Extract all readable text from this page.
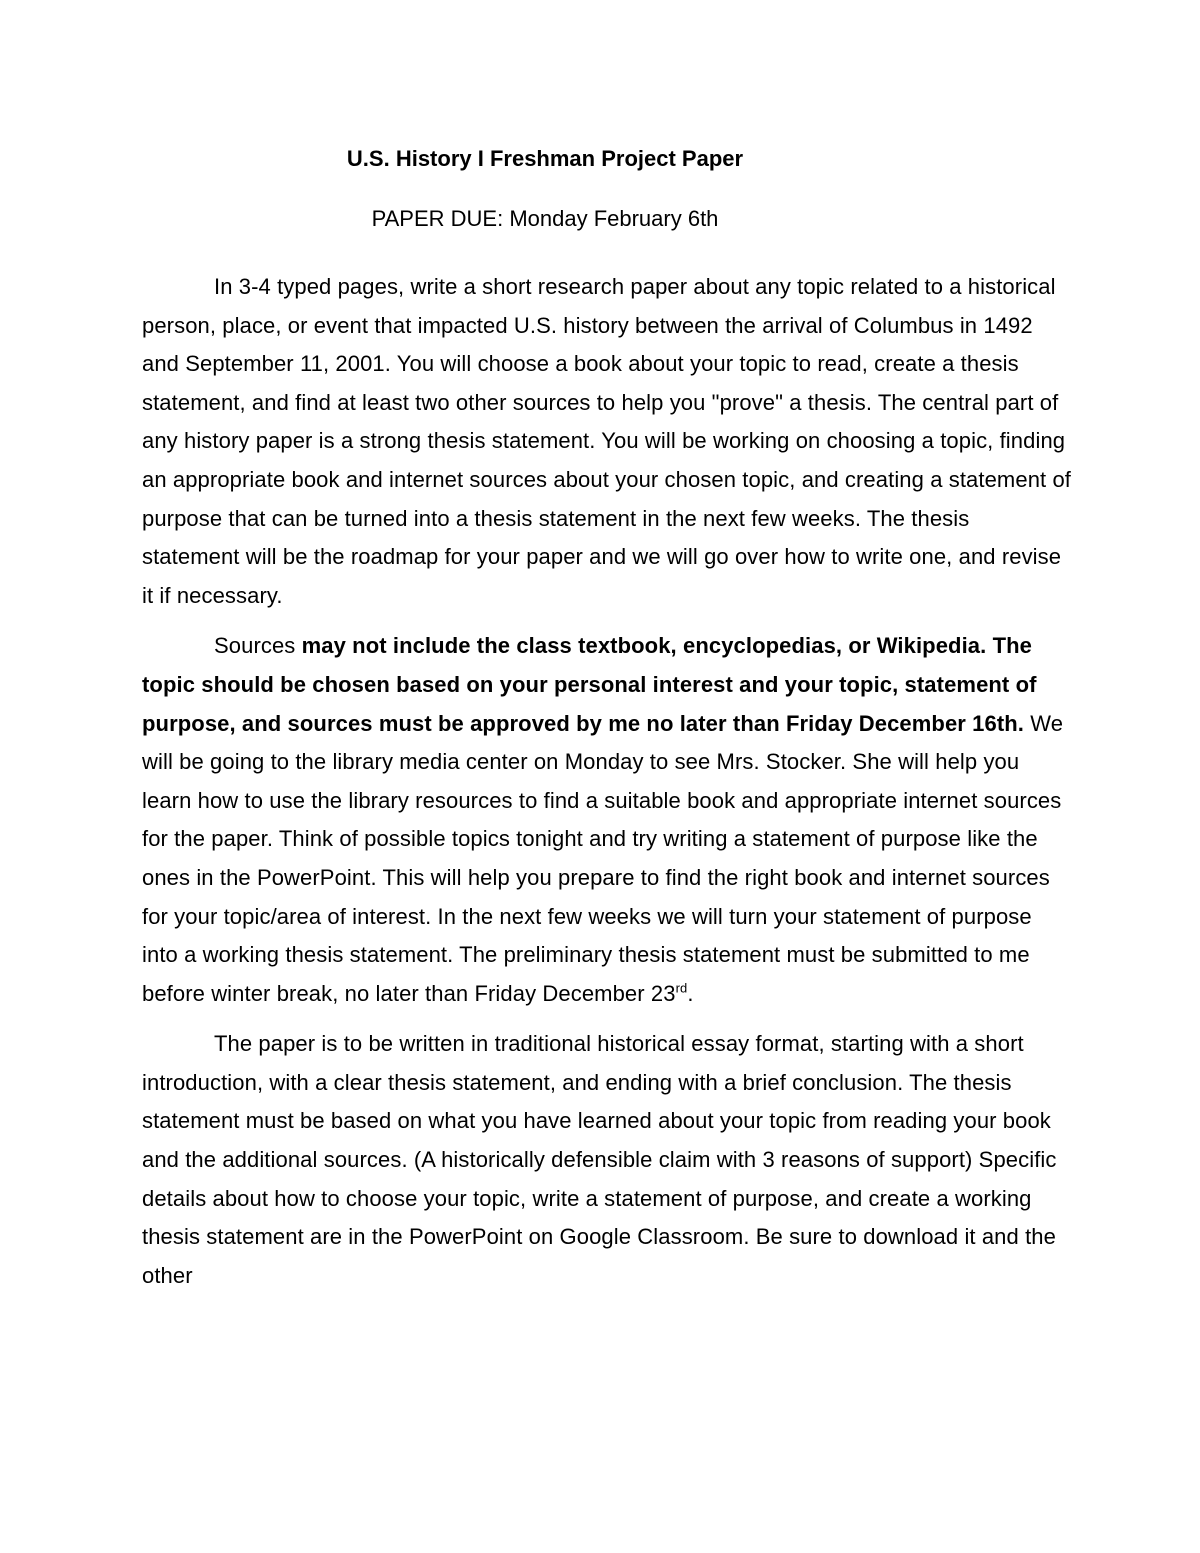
U.S. History I Freshman Project Paper

PAPER DUE: Monday February 6th

In 3-4 typed pages, write a short research paper about any topic related to a historical person, place, or event that impacted U.S. history between the arrival of Columbus in 1492 and September 11, 2001. You will choose a book about your topic to read, create a thesis statement, and find at least two other sources to help you "prove" a thesis. The central part of any history paper is a strong thesis statement. You will be working on choosing a topic, finding an appropriate book and internet sources about your chosen topic, and creating a statement of purpose that can be turned into a thesis statement in the next few weeks. The thesis statement will be the roadmap for your paper and we will go over how to write one, and revise it if necessary.

Sources may not include the class textbook, encyclopedias, or Wikipedia. The topic should be chosen based on your personal interest and your topic, statement of purpose, and sources must be approved by me no later than Friday December 16th. We will be going to the library media center on Monday to see Mrs. Stocker. She will help you learn how to use the library resources to find a suitable book and appropriate internet sources for the paper. Think of possible topics tonight and try writing a statement of purpose like the ones in the PowerPoint. This will help you prepare to find the right book and internet sources for your topic/area of interest. In the next few weeks we will turn your statement of purpose into a working thesis statement. The preliminary thesis statement must be submitted to me before winter break, no later than Friday December 23rd.

The paper is to be written in traditional historical essay format, starting with a short introduction, with a clear thesis statement, and ending with a brief conclusion. The thesis statement must be based on what you have learned about your topic from reading your book and the additional sources. (A historically defensible claim with 3 reasons of support) Specific details about how to choose your topic, write a statement of purpose, and create a working thesis statement are in the PowerPoint on Google Classroom. Be sure to download it and the other
